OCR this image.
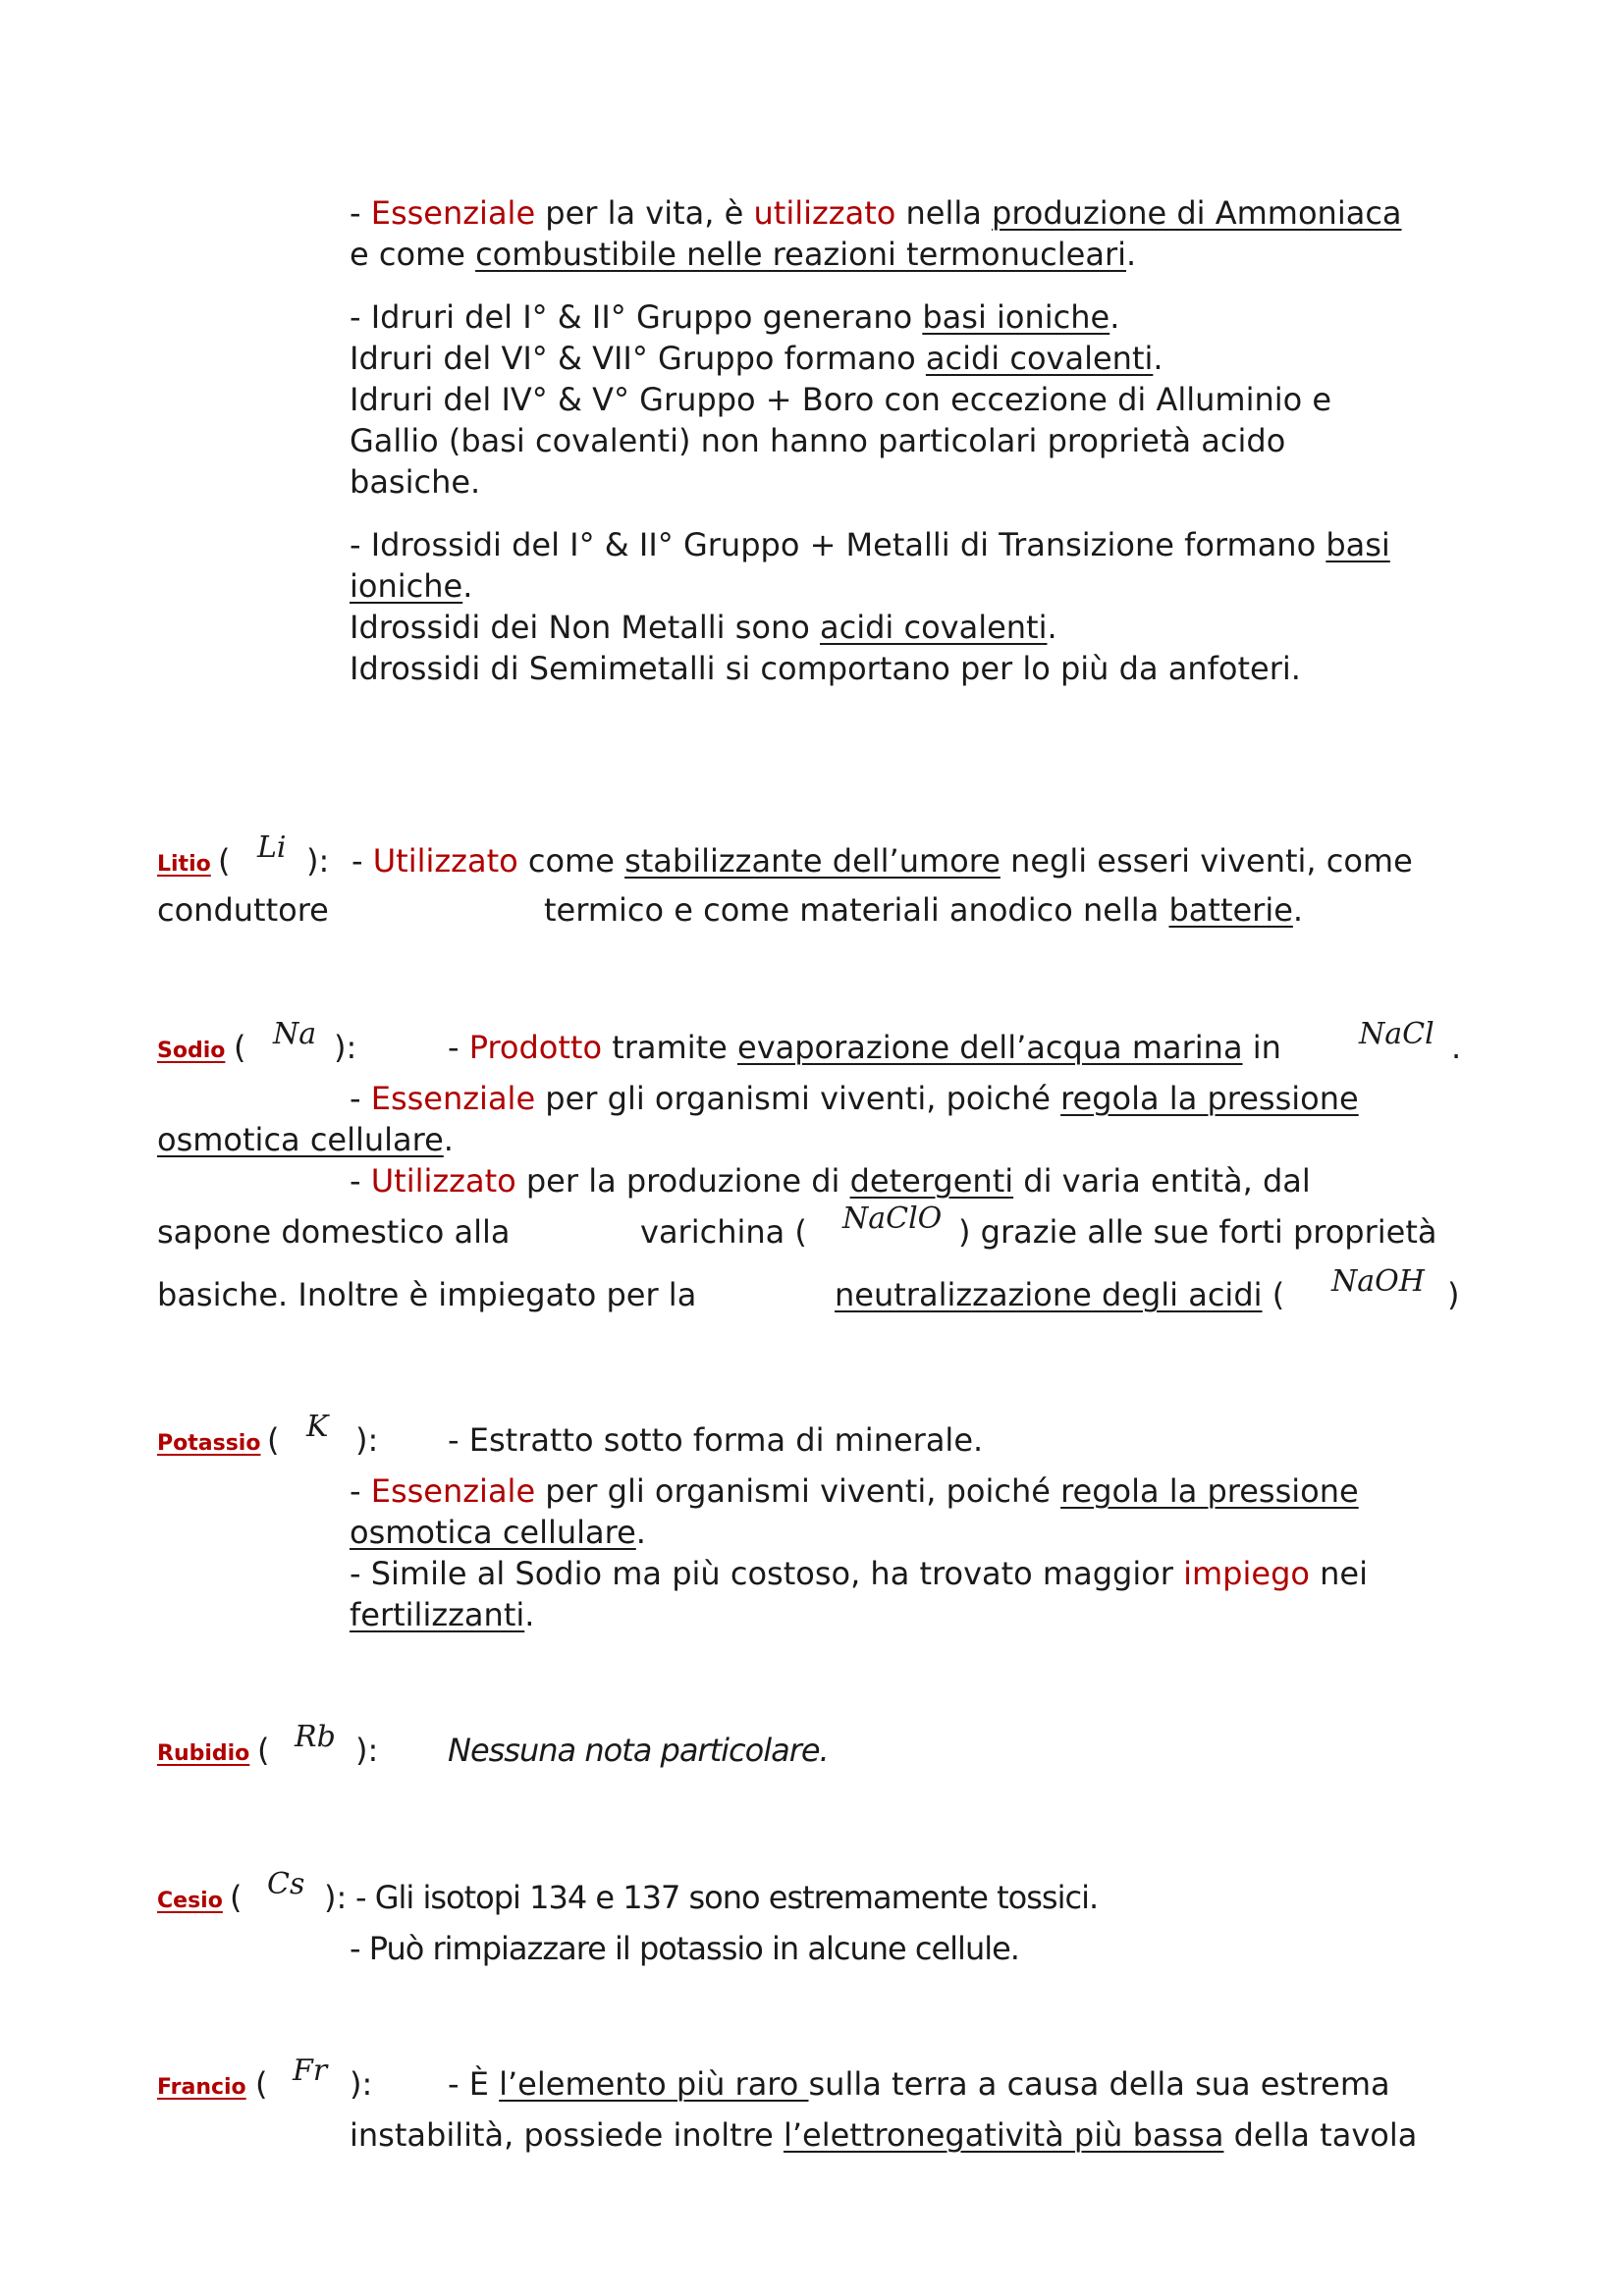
- Essenziale per la vita, è utilizzato nella produzione di Ammoniaca
e come combustibile nelle reazioni termonucleari.
- Idruri del I° & II° Gruppo generano basi ioniche.
Idruri del VI° & VII° Gruppo formano acidi covalenti.
Idruri del IV° & V° Gruppo + Boro con eccezione di Alluminio e
Gallio (basi covalenti) non hanno particolari proprietà acido
basiche.
- Idrossidi del I° & II° Gruppo + Metalli di Transizione formano basi
ioniche.
Idrossidi dei Non Metalli sono acidi covalenti.
Idrossidi di Semimetalli si comportano per lo più da anfoteri.
Litio ( Li ): - Utilizzato come stabilizzante dell’umore negli esseri viventi, come
conduttore	termico e come materiali anodico nella batterie.
Sodio ( Na ):	- Prodotto tramite evaporazione dell’acqua marina in	NaCl .
- Essenziale per gli organismi viventi, poiché regola la pressione
osmotica cellulare.
- Utilizzato per la produzione di detergenti di varia entità, dal
sapone domestico alla	varichina ( NaClO ) grazie alle sue forti proprietà
basiche. Inoltre è impiegato per la	neutralizzazione degli acidi ( NaOH )
Potassio ( K ): - Estratto sotto forma di minerale.
- Essenziale per gli organismi viventi, poiché regola la pressione
osmotica cellulare.
- Simile al Sodio ma più costoso, ha trovato maggior impiego nei
fertilizzanti.
Rubidio ( Rb ): Nessuna nota particolare.
Cesio ( Cs ): - Gli isotopi 134 e 137 sono estremamente tossici.
- Può rimpiazzare il potassio in alcune cellule.
Francio ( Fr ): - È l’elemento più raro sulla terra a causa della sua estrema
instabilità, possiede inoltre l’elettronegatività più bassa della tavola
